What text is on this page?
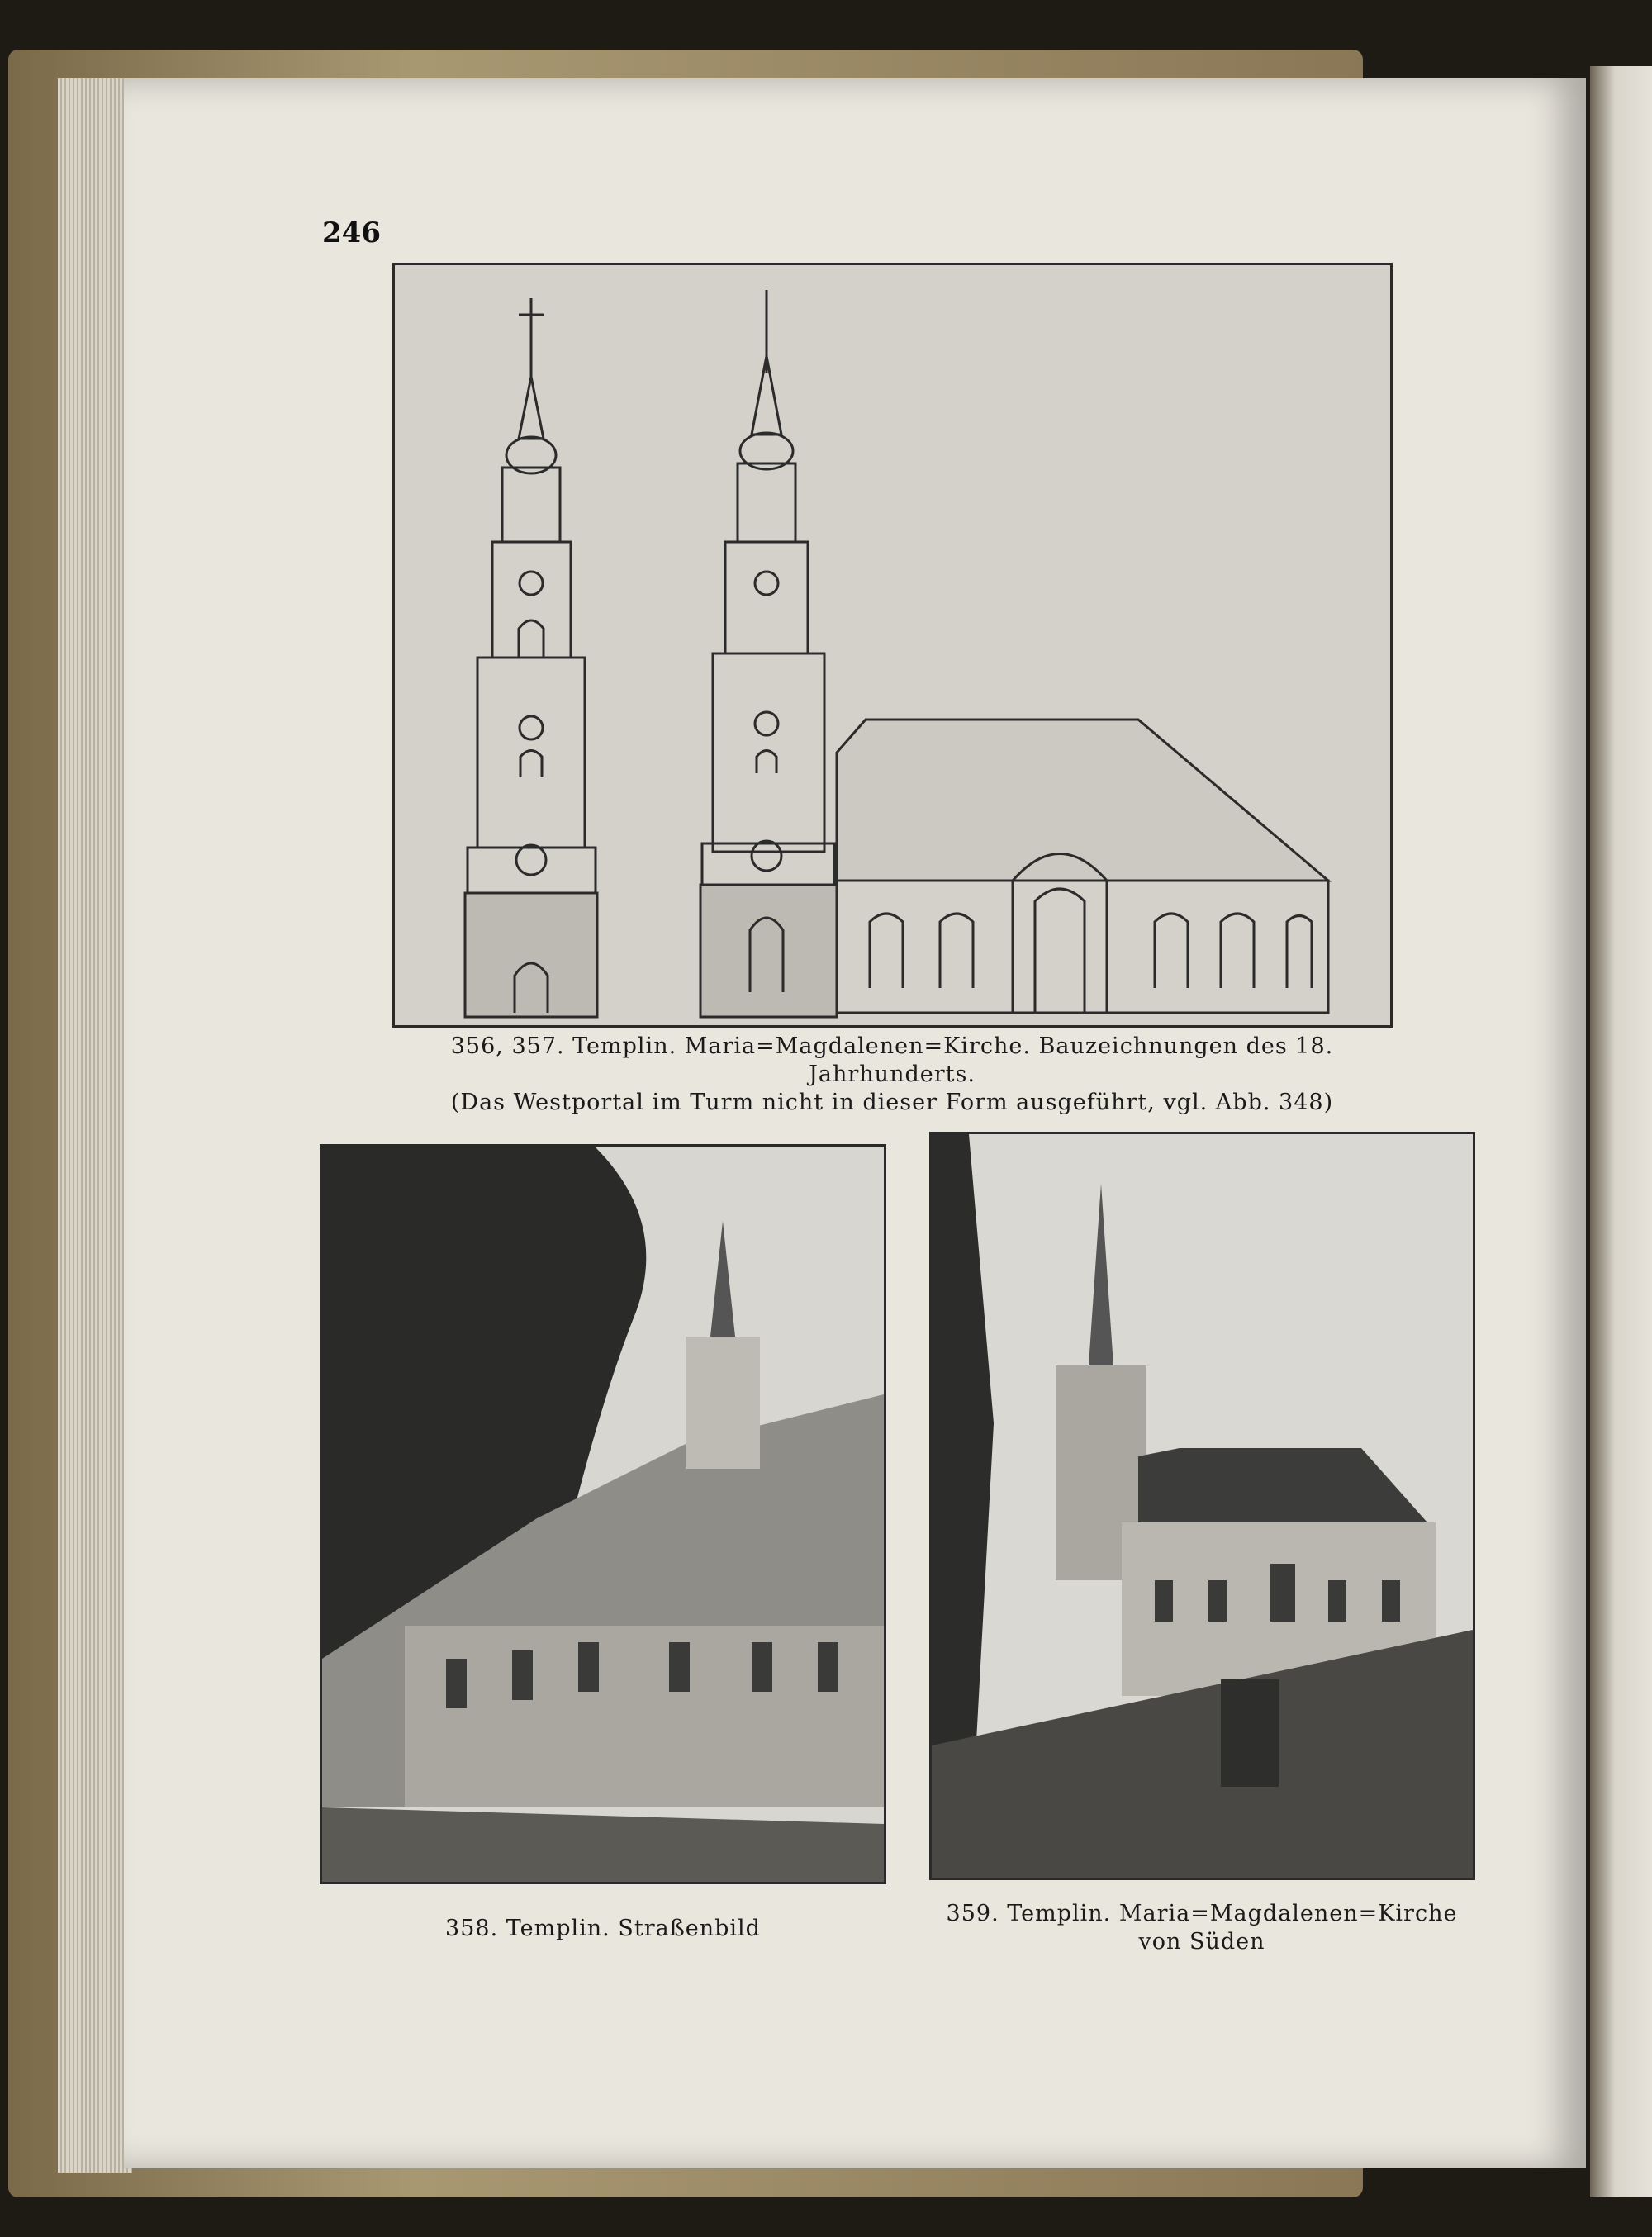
246
356, 357. Templin. Maria=Magdalenen=Kirche. Bauzeichnungen des 18. Jahrhunderts.
(Das Westportal im Turm nicht in dieser Form ausgeführt, vgl. Abb. 348)
358. Templin. Straßenbild
359. Templin. Maria=Magdalenen=Kirche
von Süden
